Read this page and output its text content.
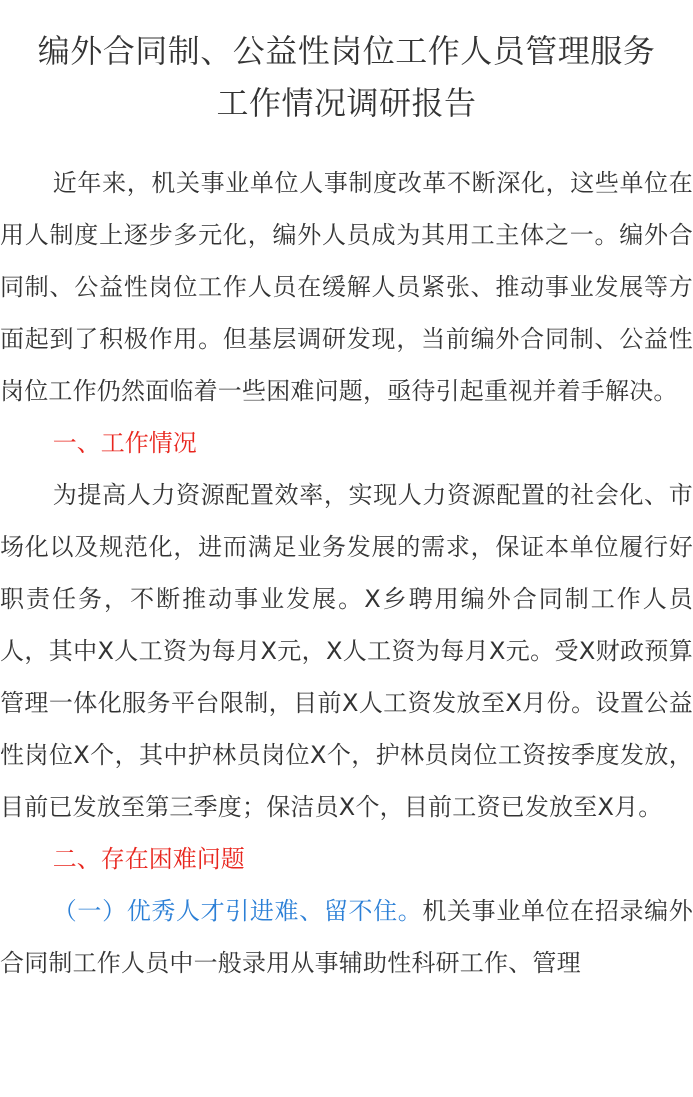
编外合同制、公益性岗位工作人员管理服务
工作情况调研报告

近年来，机关事业单位人事制度改革不断深化，这些单位在用人制度上逐步多元化，编外人员成为其用工主体之一。编外合同制、公益性岗位工作人员在缓解人员紧张、推动事业发展等方面起到了积极作用。但基层调研发现，当前编外合同制、公益性岗位工作仍然面临着一些困难问题，亟待引起重视并着手解决。

一、工作情况

为提高人力资源配置效率，实现人力资源配置的社会化、市场化以及规范化，进而满足业务发展的需求，保证本单位履行好职责任务，不断推动事业发展。X乡聘用编外合同制工作人员人，其中X人工资为每月X元，X人工资为每月X元。受X财政预算管理一体化服务平台限制，目前X人工资发放至X月份。设置公益性岗位X个，其中护林员岗位X个，护林员岗位工资按季度发放，目前已发放至第三季度；保洁员X个，目前工资已发放至X月。

二、存在困难问题

（一）优秀人才引进难、留不住。机关事业单位在招录编外合同制工作人员中一般录用从事辅助性科研工作、管理
